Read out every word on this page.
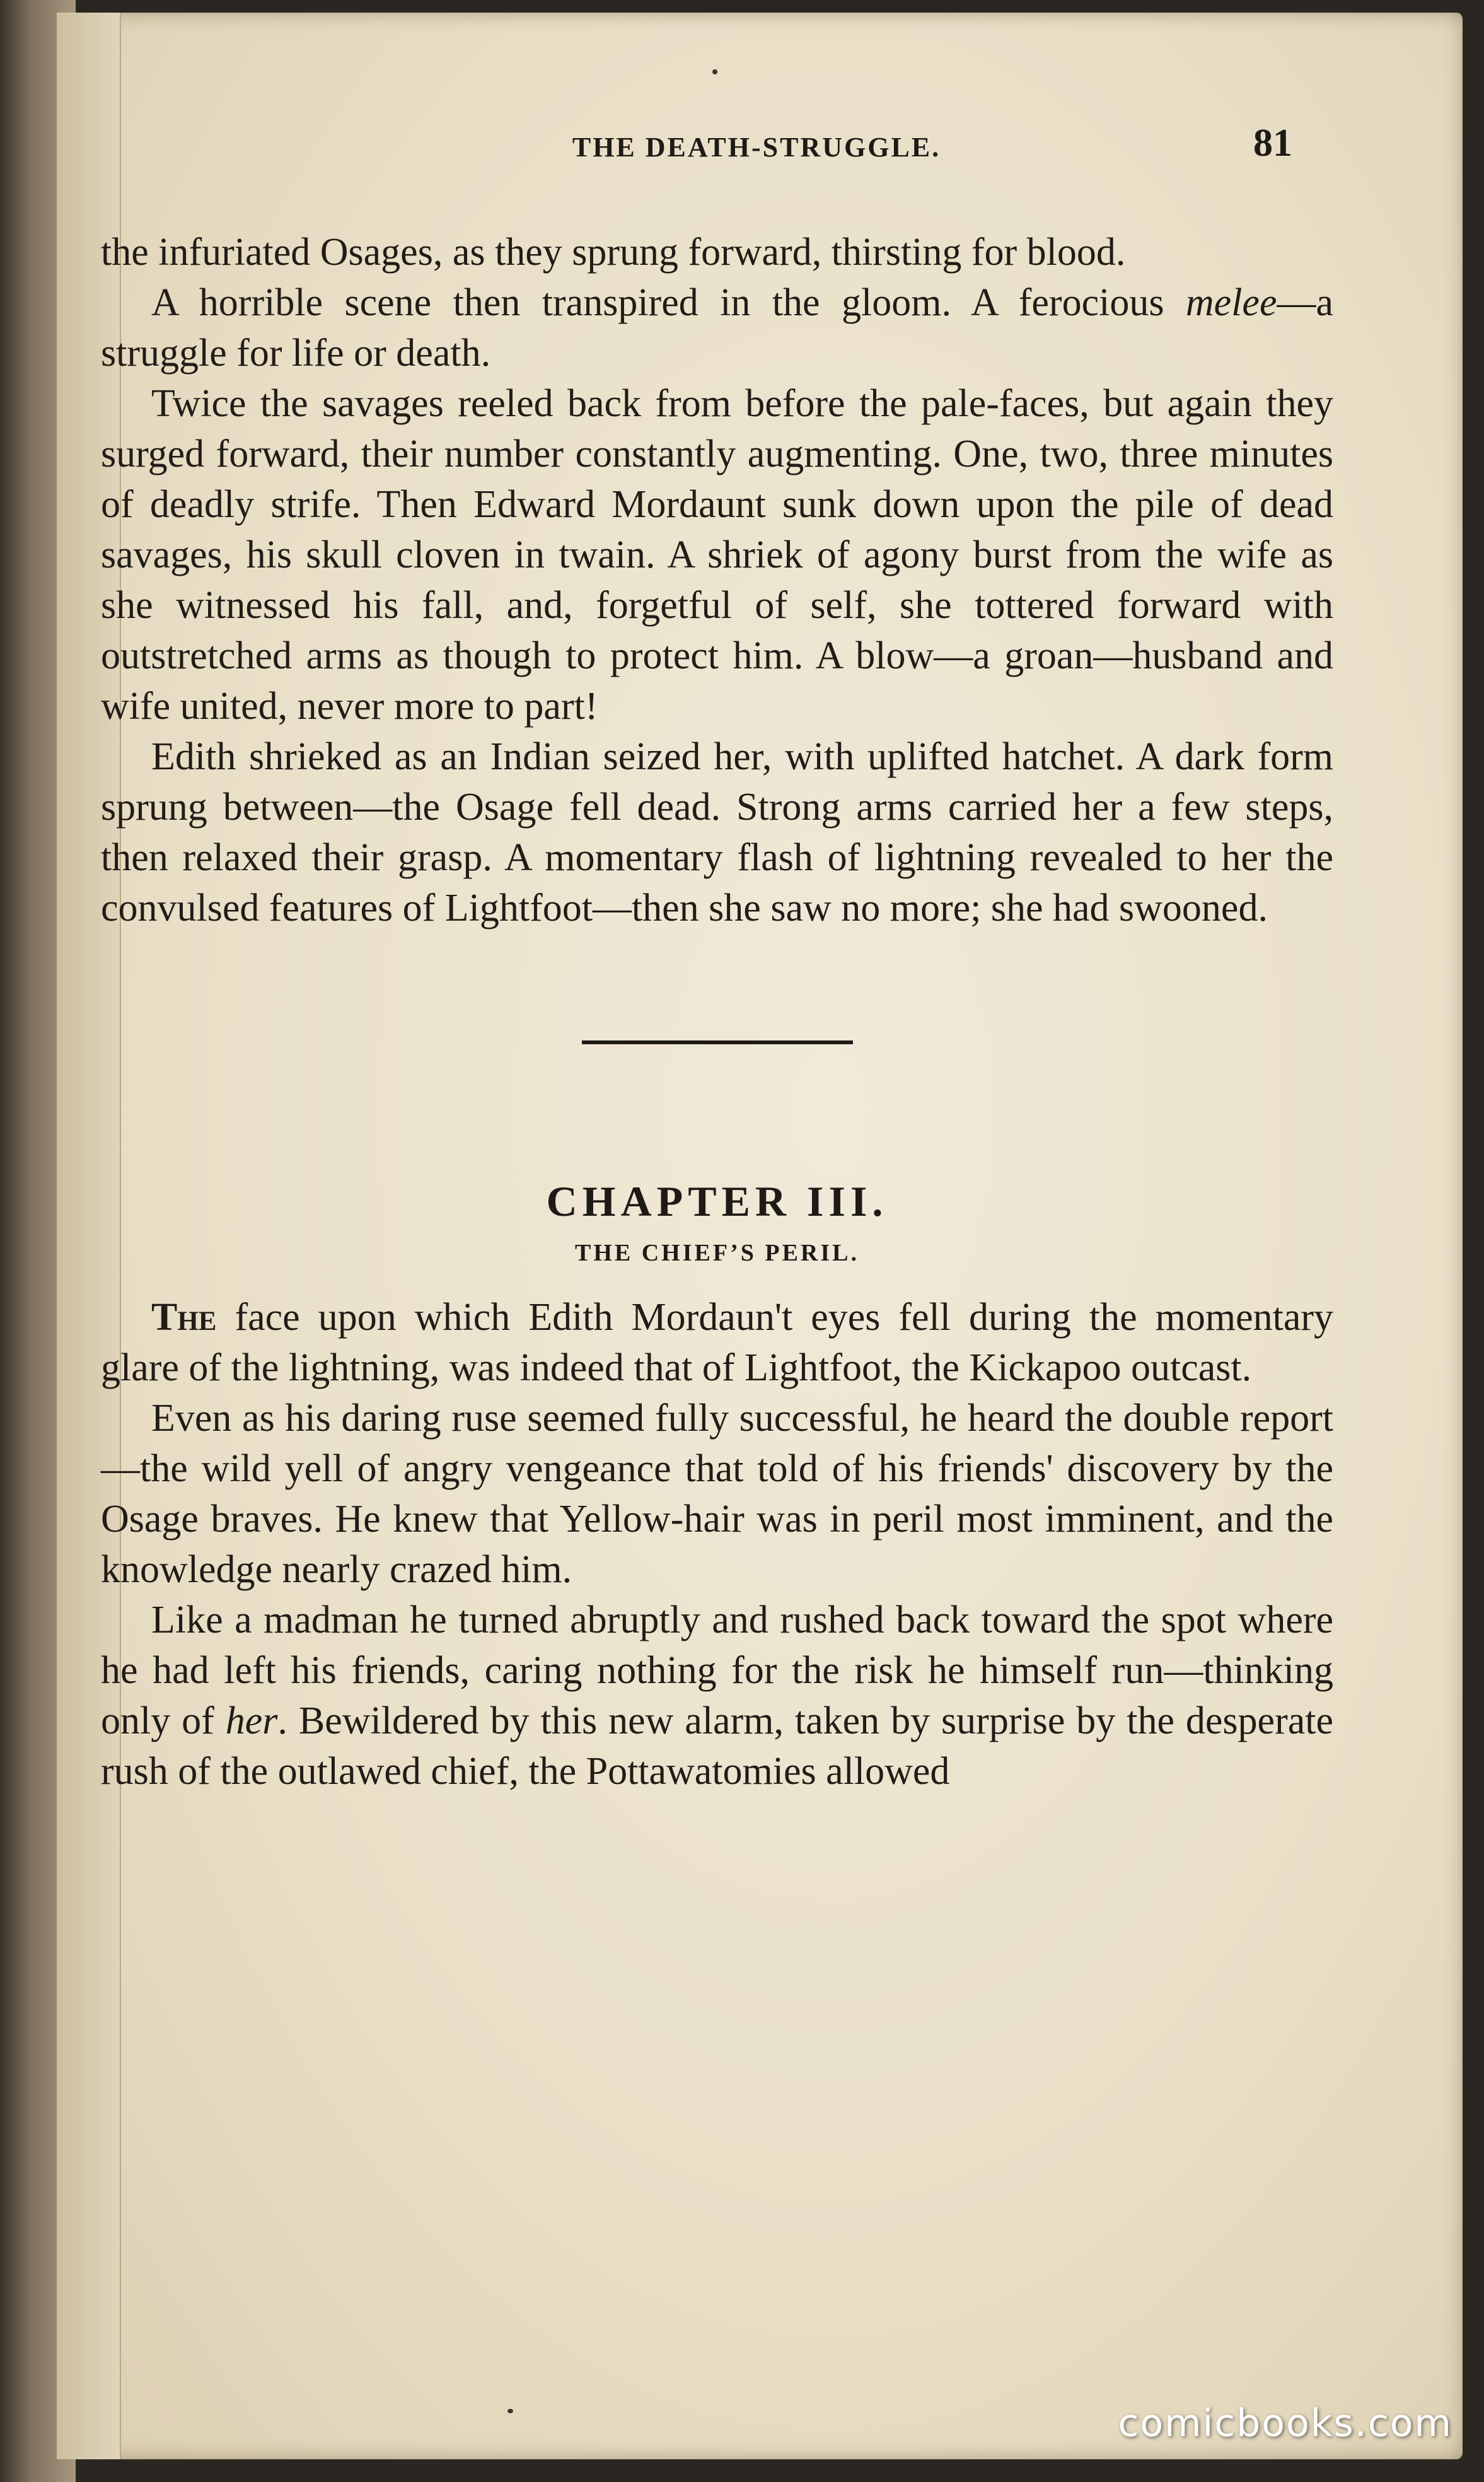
THE DEATH-STRUGGLE.	81

the infuriated Osages, as they sprung forward, thirsting for blood.

A horrible scene then transpired in the gloom. A ferocious melee—a struggle for life or death.

Twice the savages reeled back from before the pale-faces, but again they surged forward, their number constantly augmenting. One, two, three minutes of deadly strife. Then Edward Mordaunt sunk down upon the pile of dead savages, his skull cloven in twain. A shriek of agony burst from the wife as she witnessed his fall, and, forgetful of self, she tottered forward with outstretched arms as though to protect him. A blow—a groan—husband and wife united, never more to part!

Edith shrieked as an Indian seized her, with uplifted hatchet. A dark form sprung between—the Osage fell dead. Strong arms carried her a few steps, then relaxed their grasp. A momentary flash of lightning revealed to her the convulsed features of Lightfoot—then she saw no more; she had swooned.

CHAPTER III.
THE CHIEF’S PERIL.

The face upon which Edith Mordaun't eyes fell during the momentary glare of the lightning, was indeed that of Lightfoot, the Kickapoo outcast.

Even as his daring ruse seemed fully successful, he heard the double report—the wild yell of angry vengeance that told of his friends' discovery by the Osage braves. He knew that Yellow-hair was in peril most imminent, and the knowledge nearly crazed him.

Like a madman he turned abruptly and rushed back toward the spot where he had left his friends, caring nothing for the risk he himself run—thinking only of her. Bewildered by this new alarm, taken by surprise by the desperate rush of the outlawed chief, the Pottawatomies allowed

comicbooks.com
